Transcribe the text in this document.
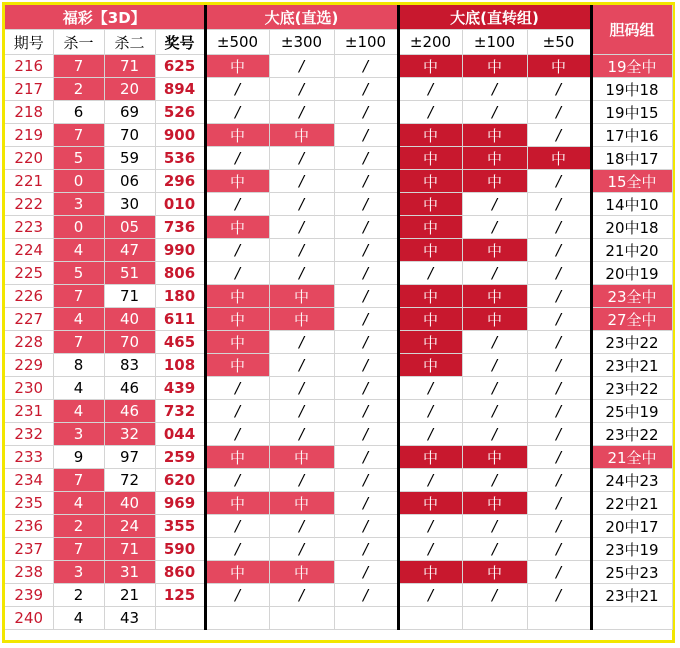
福彩【3D】				大底(直选)			大底(直转组)			胆码组
期号	杀一	杀二	奖号	±500	±300	±100	±200	±100	±50	
216	7	71	625	中	/	/	中	中	中	19全中
217	2	20	894	/	/	/	/	/	/	19中18
218	6	69	526	/	/	/	/	/	/	19中15
219	7	70	900	中	中	/	中	中	/	17中16
220	5	59	536	/	/	/	中	中	中	18中17
221	0	06	296	中	/	/	中	中	/	15全中
222	3	30	010	/	/	/	中	/	/	14中10
223	0	05	736	中	/	/	中	/	/	20中18
224	4	47	990	/	/	/	中	中	/	21中20
225	5	51	806	/	/	/	/	/	/	20中19
226	7	71	180	中	中	/	中	中	/	23全中
227	4	40	611	中	中	/	中	中	/	27全中
228	7	70	465	中	/	/	中	/	/	23中22
229	8	83	108	中	/	/	中	/	/	23中21
230	4	46	439	/	/	/	/	/	/	23中22
231	4	46	732	/	/	/	/	/	/	25中19
232	3	32	044	/	/	/	/	/	/	23中22
233	9	97	259	中	中	/	中	中	/	21全中
234	7	72	620	/	/	/	/	/	/	24中23
235	4	40	969	中	中	/	中	中	/	22中21
236	2	24	355	/	/	/	/	/	/	20中17
237	7	71	590	/	/	/	/	/	/	23中19
238	3	31	860	中	中	/	中	中	/	25中23
239	2	21	125	/	/	/	/	/	/	23中21
240	4	43								
